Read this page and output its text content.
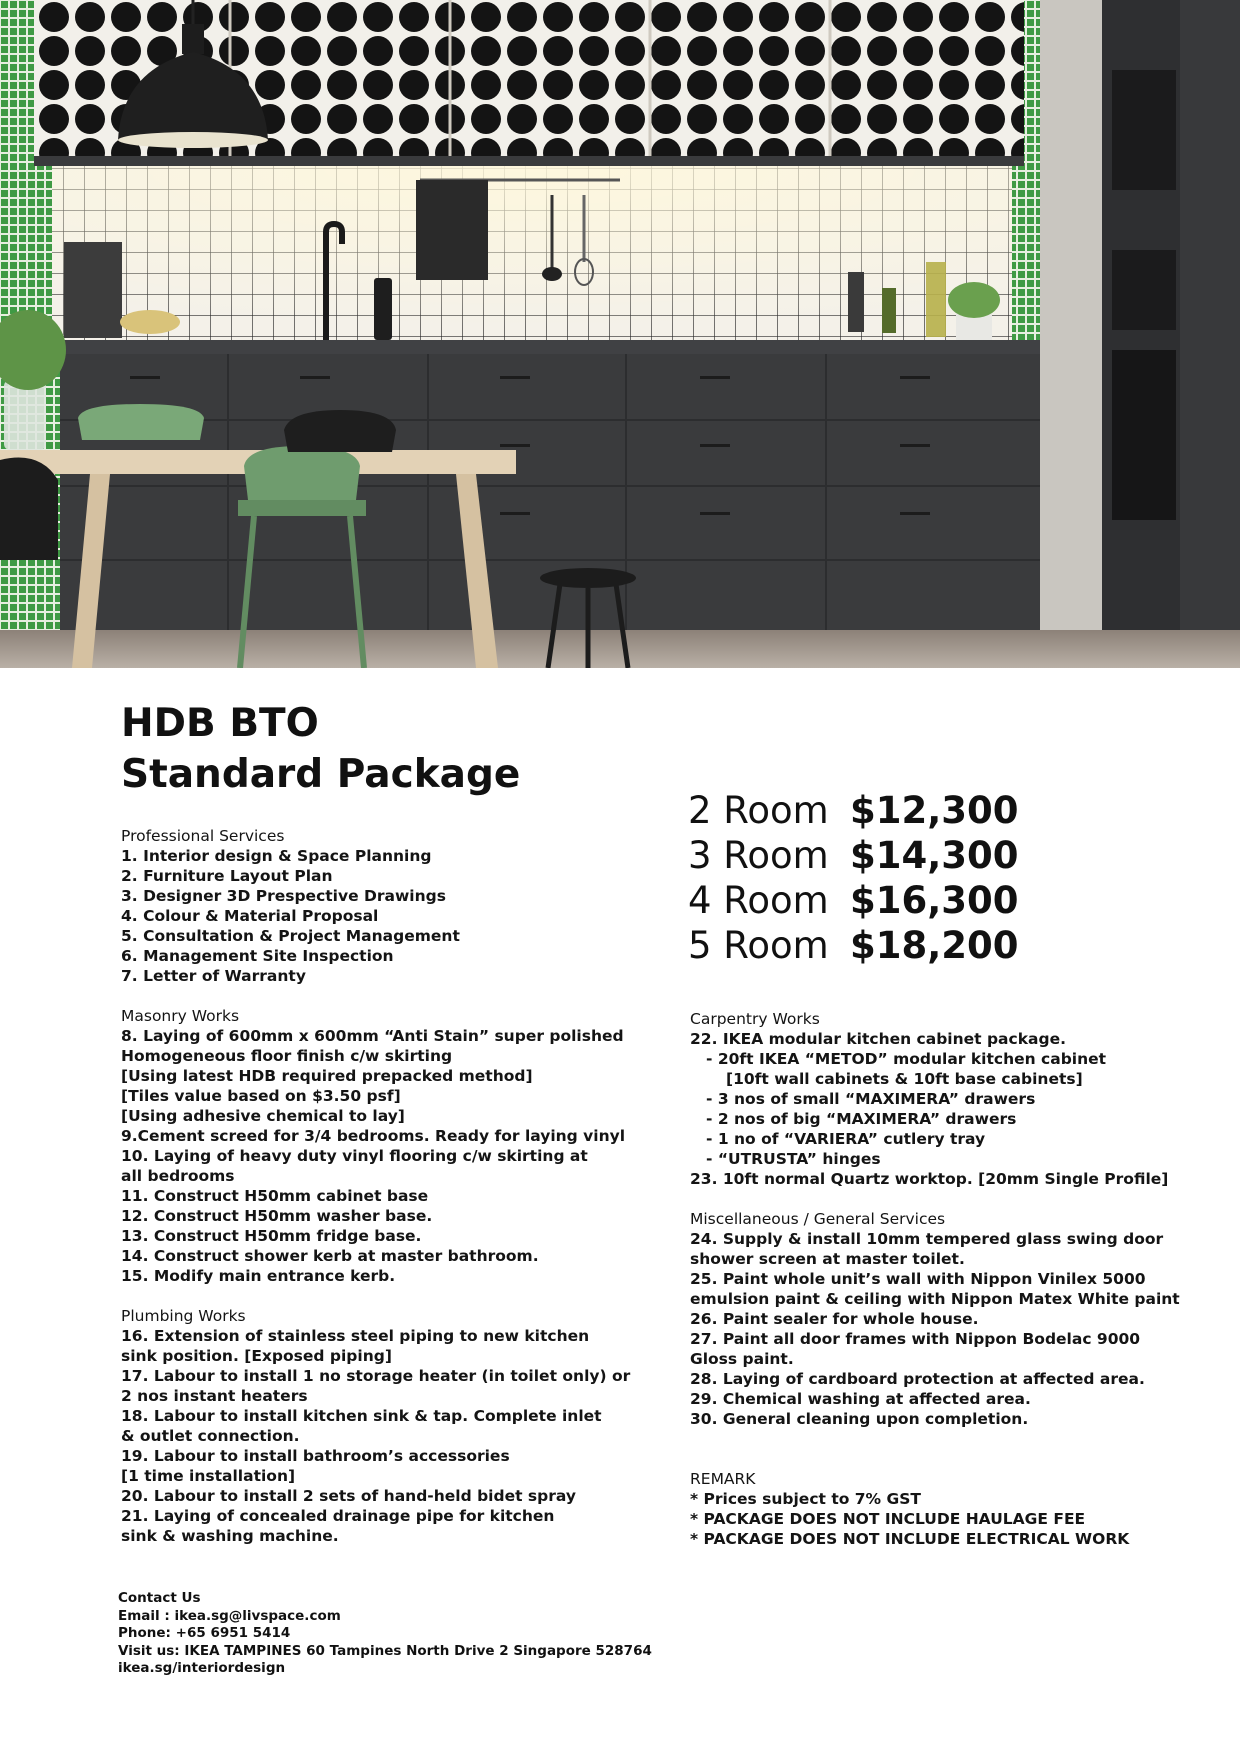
HDB BTO
Standard Package
2 Room $12,300
3 Room $14,300
4 Room $16,300
5 Room $18,200
Professional Services
1. Interior design & Space Planning
2. Furniture Layout Plan
3. Designer 3D Prespective Drawings
4. Colour & Material Proposal
5. Consultation & Project Management
6. Management Site Inspection
7. Letter of Warranty
Masonry Works
8. Laying of 600mm x 600mm “Anti Stain” super polished
Homogeneous floor finish c/w skirting
[Using latest HDB required prepacked method]
[Tiles value based on $3.50 psf]
[Using adhesive chemical to lay]
9.Cement screed for 3/4 bedrooms. Ready for laying vinyl
10. Laying of heavy duty vinyl flooring c/w skirting at
all bedrooms
11. Construct H50mm cabinet base
12. Construct H50mm washer base.
13. Construct H50mm fridge base.
14. Construct shower kerb at master bathroom.
15. Modify main entrance kerb.
Plumbing Works
16. Extension of stainless steel piping to new kitchen
sink position. [Exposed piping]
17. Labour to install 1 no storage heater (in toilet only) or
2 nos instant heaters
18. Labour to install kitchen sink & tap. Complete inlet
& outlet connection.
19. Labour to install bathroom’s accessories
[1 time installation]
20. Labour to install 2 sets of hand-held bidet spray
21. Laying of concealed drainage pipe for kitchen
sink & washing machine.
Carpentry Works
22. IKEA modular kitchen cabinet package.
- 20ft IKEA “METOD” modular kitchen cabinet
[10ft wall cabinets & 10ft base cabinets]
- 3 nos of small “MAXIMERA” drawers
- 2 nos of big “MAXIMERA” drawers
- 1 no of “VARIERA” cutlery tray
- “UTRUSTA” hinges
23. 10ft normal Quartz worktop. [20mm Single Profile]
Miscellaneous / General Services
24. Supply & install 10mm tempered glass swing door
shower screen at master toilet.
25. Paint whole unit’s wall with Nippon Vinilex 5000
emulsion paint & ceiling with Nippon Matex White paint
26. Paint sealer for whole house.
27. Paint all door frames with Nippon Bodelac 9000
Gloss paint.
28. Laying of cardboard protection at affected area.
29. Chemical washing at affected area.
30. General cleaning upon completion.
REMARK
* Prices subject to 7% GST
* PACKAGE DOES NOT INCLUDE HAULAGE FEE
* PACKAGE DOES NOT INCLUDE ELECTRICAL WORK
Contact Us
Email : ikea.sg@livspace.com
Phone: +65 6951 5414
Visit us: IKEA TAMPINES 60 Tampines North Drive 2 Singapore 528764
ikea.sg/interiordesign
